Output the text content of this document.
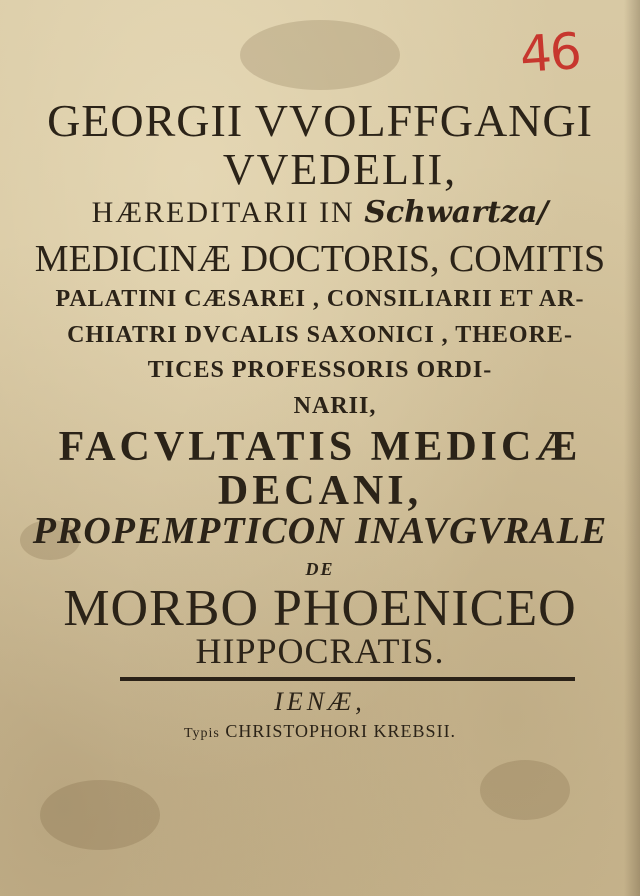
46
GEORGII VVOLFFGANGI
VVEDELII,
HÆREDITARII IN Schwartza/
MEDICINÆ DOCTORIS, COMITIS
PALATINI CÆSAREI , CONSILIARII ET AR-
CHIATRI DVCALIS SAXONICI , THEORE-
TICES PROFESSORIS ORDI-
NARII,
FACVLTATIS MEDICÆ
DECANI,
PROPEMPTICON INAVGVRALE
DE
MORBO PHOENICEO
HIPPOCRATIS.
IENÆ,
Typis CHRISTOPHORI KREBSII.
